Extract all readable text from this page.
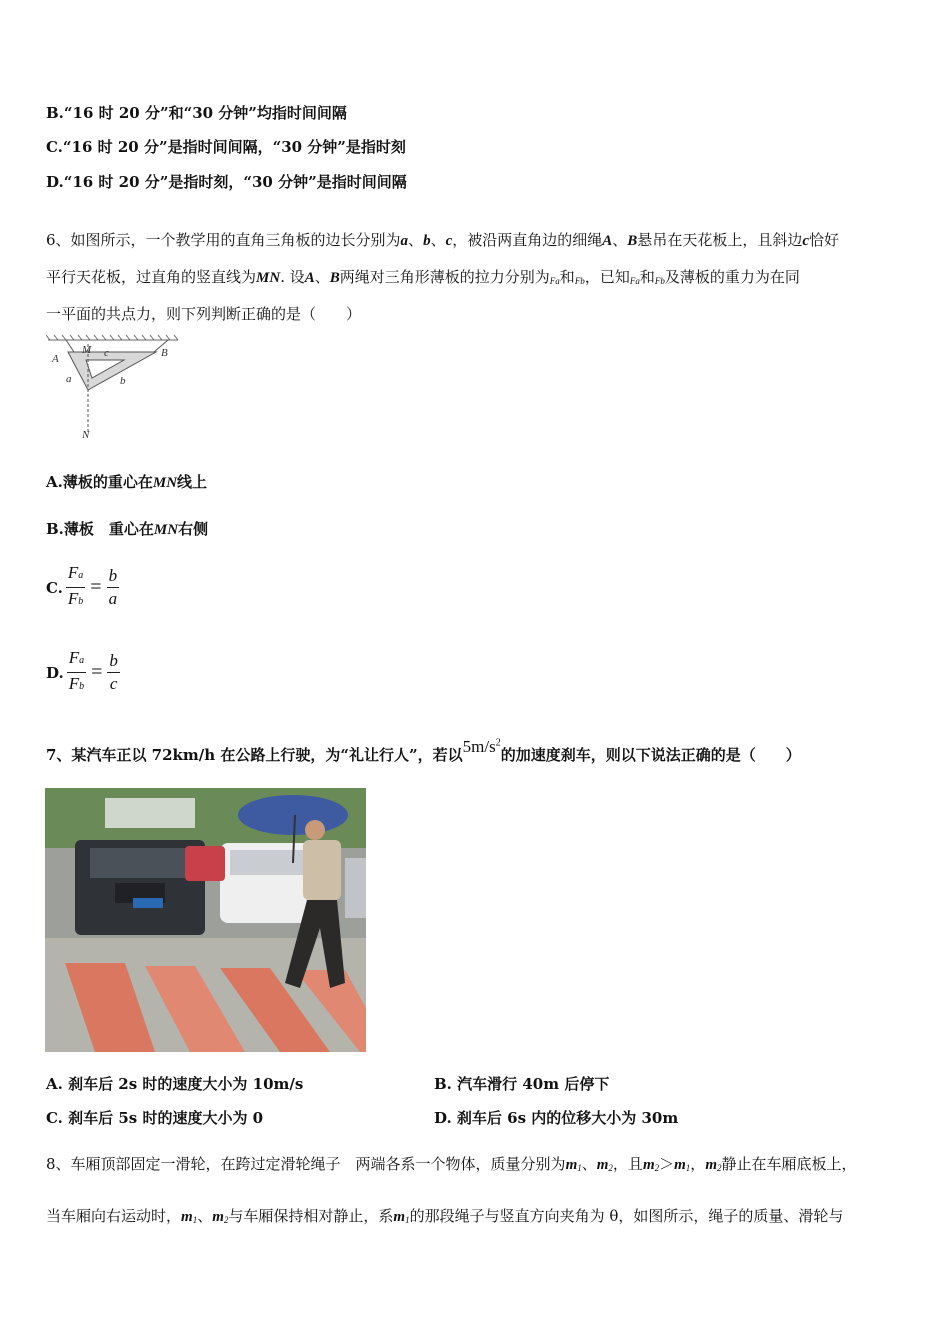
B.“16 时 20 分”和“30 分钟”均指时间间隔
C.“16 时 20 分”是指时间间隔，“30 分钟”是指时刻
D.“16 时 20 分”是指时刻，“30 分钟”是指时间间隔
6、如图所示，一个教学用的直角三角板的边长分别为a、b、c，被沿两直角边的细绳A、B悬吊在天花板上，且斜边c恰好
平行天花板，过直角的竖直线为MN. 设A、B两绳对三角形薄板的拉力分别为$_{Fa}$和$_{Fb}$，已知$_{Fa}$和$_{Fb}$及薄板的重力为在同
一平面的共点力，则下列判断正确的是（　　）
M c
A	B
a	b
N
A.薄板的重心在MN线上
B.薄板　重心在MN右侧
C. $\frac{Fa}{Fb} = \frac{b}{a}$
D. $\frac{Fa}{Fb} = \frac{b}{c}$
7、某汽车正以 72km/h 在公路上行驶，为“礼让行人”，若以$5m/s^2$的加速度刹车，则以下说法正确的是（　　）
A. 刹车后 2s 时的速度大小为 10m/s	B. 汽车滑行 40m 后停下
C. 刹车后 5s 时的速度大小为 0	D. 刹车后 6s 内的位移大小为 30m
8、车厢顶部固定一滑轮，在跨过定滑轮绳子　两端各系一个物体，质量分别为$m_1$、$m_2$，且$m_2>m_1$，$m_2$静止在车厢底板上，
当车厢向右运动时，$m_1$、$m_2$与车厢保持相对静止，系$m_1$的那段绳子与竖直方向夹角为 θ，如图所示，绳子的质量、滑轮与
